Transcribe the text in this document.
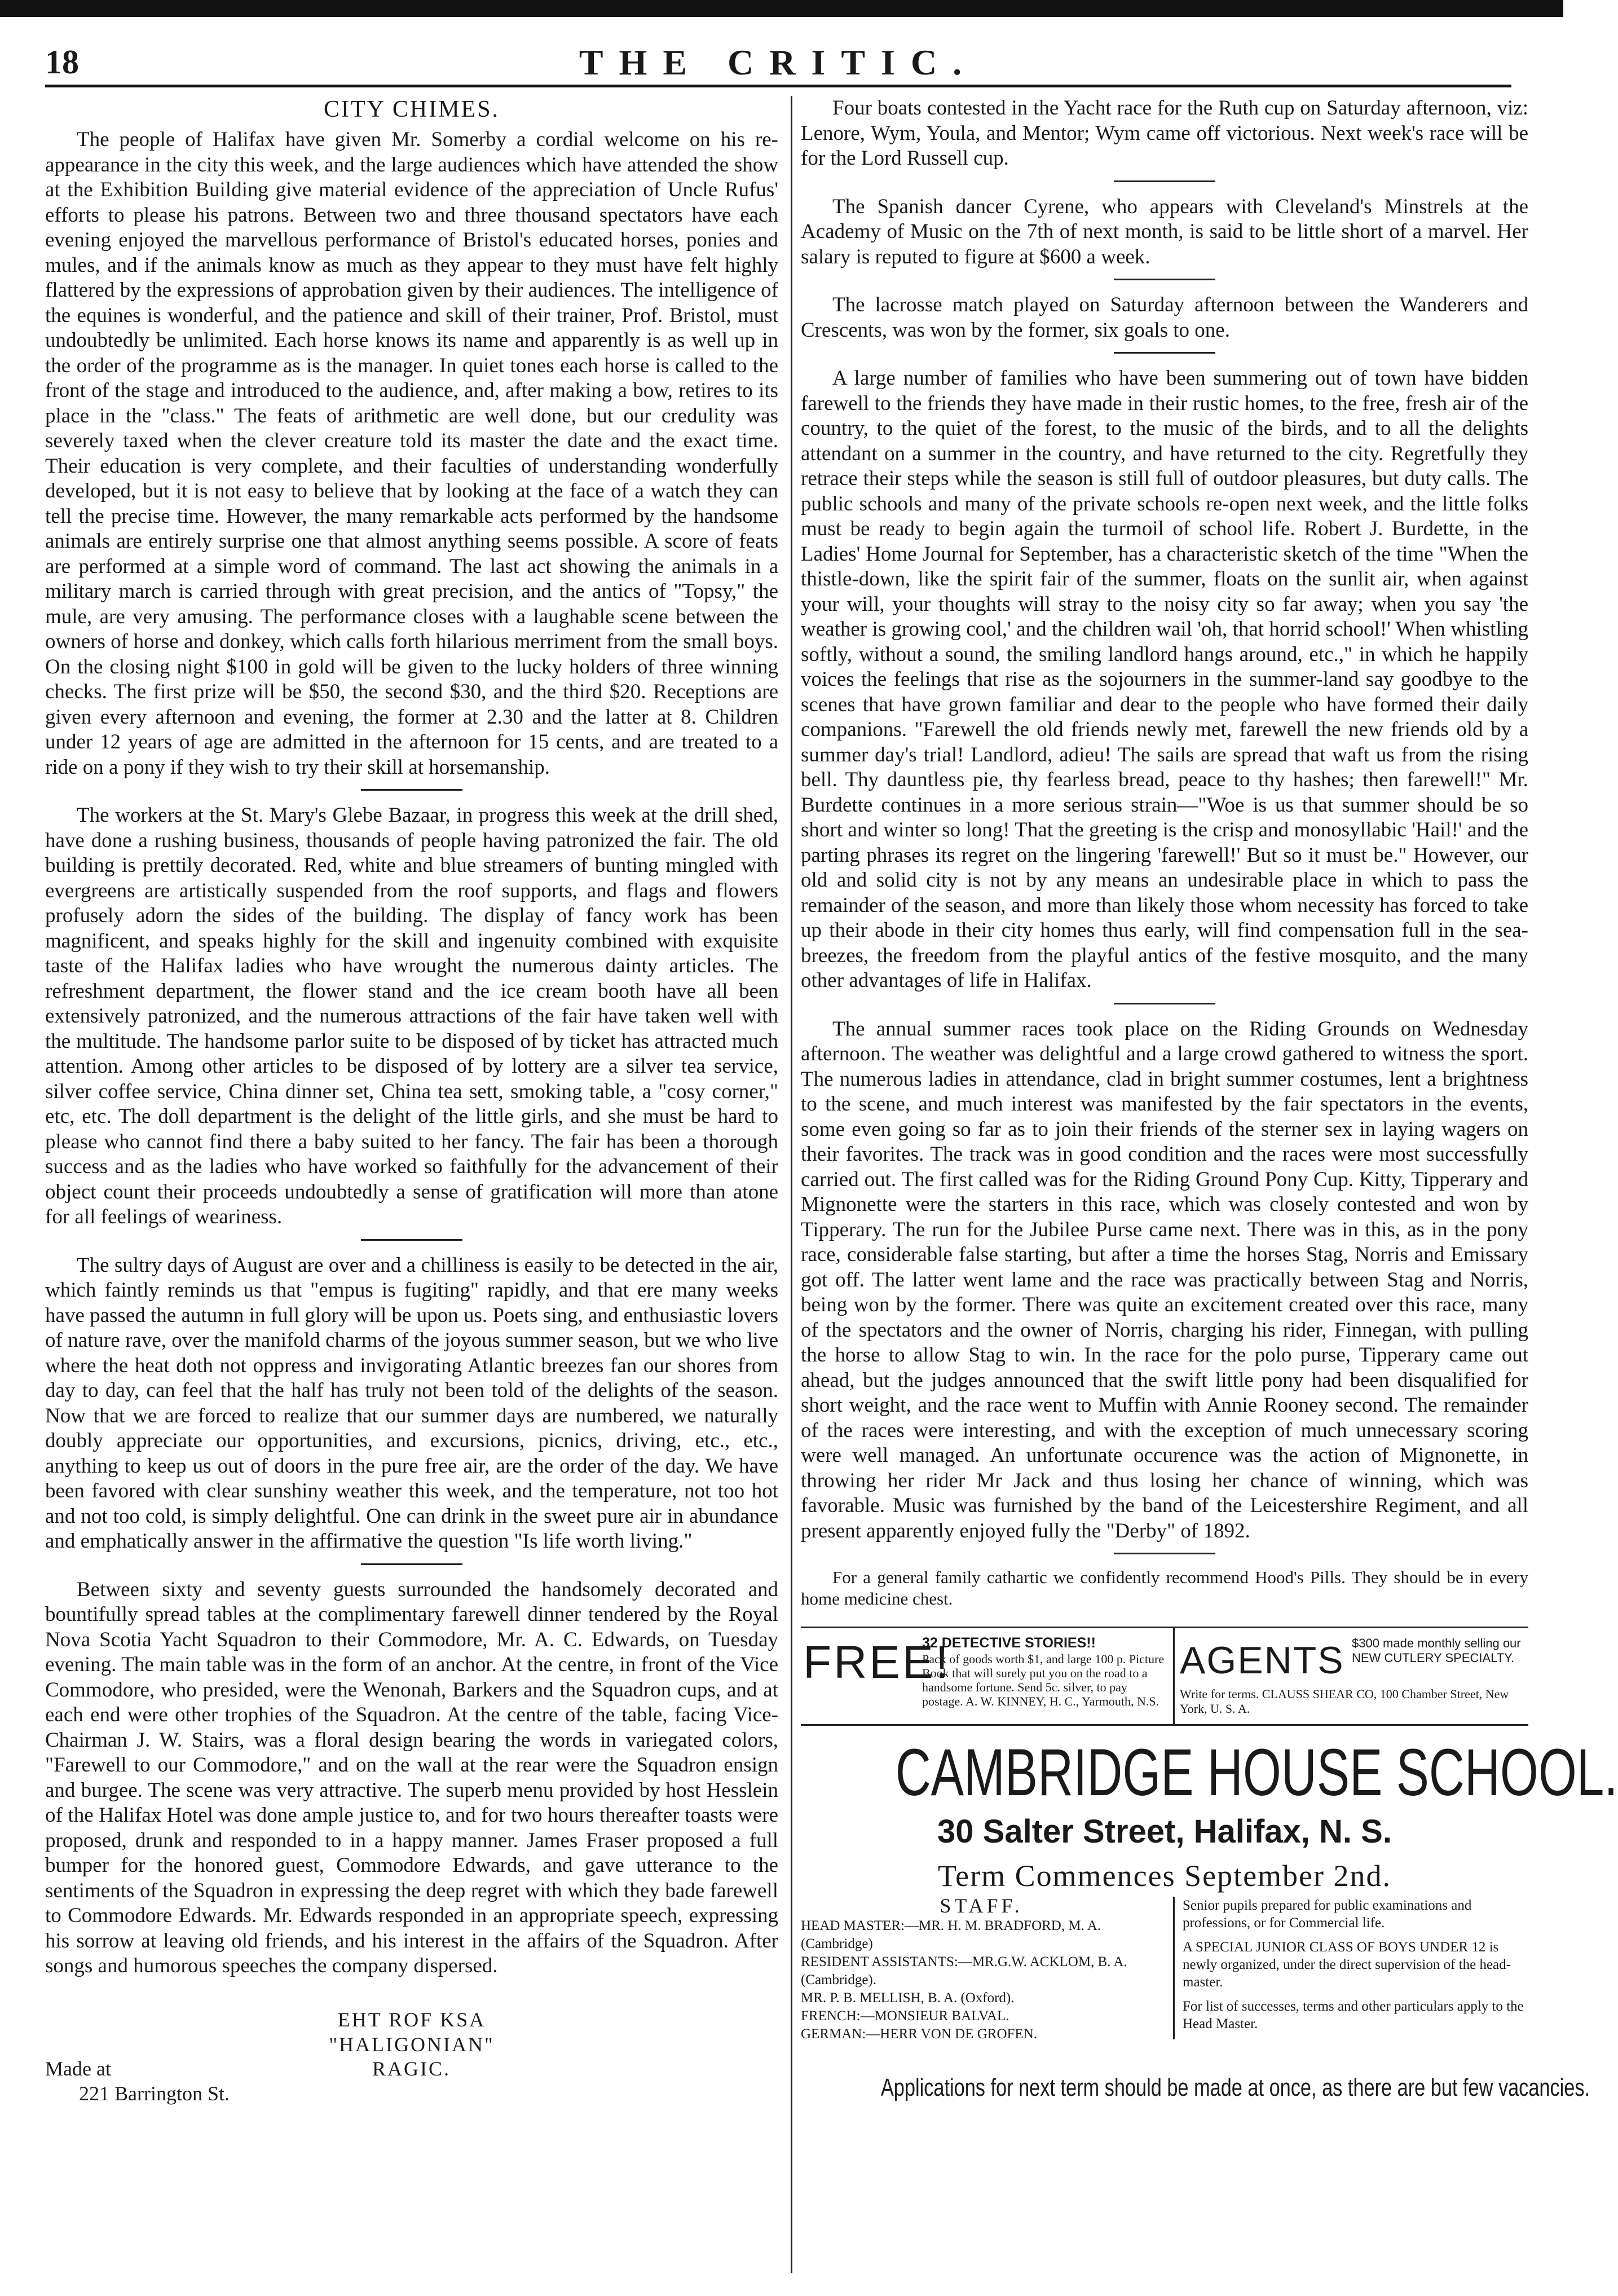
18	THE CRITIC.
CITY CHIMES.

The people of Halifax have given Mr. Somerby a cordial welcome on his re-appearance in the city this week, and the large audiences which have attended the show at the Exhibition Building give material evidence of the appreciation of Uncle Rufus' efforts to please his patrons. Between two and three thousand spectators have each evening enjoyed the marvellous performance of Bristol's educated horses, ponies and mules, and if the animals know as much as they appear to they must have felt highly flattered by the expressions of approbation given by their audiences. The intelligence of the equines is wonderful, and the patience and skill of their trainer, Prof. Bristol, must undoubtedly be unlimited. Each horse knows its name and apparently is as well up in the order of the programme as is the manager. In quiet tones each horse is called to the front of the stage and introduced to the audience, and, after making a bow, retires to its place in the "class." The feats of arithmetic are well done, but our credulity was severely taxed when the clever creature told its master the date and the exact time. Their education is very complete, and their faculties of understanding wonderfully developed, but it is not easy to believe that by looking at the face of a watch they can tell the precise time. However, the many remarkable acts performed by the handsome animals are entirely surprise one that almost anything seems possible. A score of feats are performed at a simple word of command. The last act showing the animals in a military march is carried through with great precision, and the antics of "Topsy," the mule, are very amusing. The performance closes with a laughable scene between the owners of horse and donkey, which calls forth hilarious merriment from the small boys. On the closing night $100 in gold will be given to the lucky holders of three winning checks. The first prize will be $50, the second $30, and the third $20. Receptions are given every afternoon and evening, the former at 2.30 and the latter at 8. Children under 12 years of age are admitted in the afternoon for 15 cents, and are treated to a ride on a pony if they wish to try their skill at horsemanship.

The workers at the St. Mary's Glebe Bazaar, in progress this week at the drill shed, have done a rushing business, thousands of people having patronized the fair. The old building is prettily decorated. Red, white and blue streamers of bunting mingled with evergreens are artistically suspended from the roof supports, and flags and flowers profusely adorn the sides of the building. The display of fancy work has been magnificent, and speaks highly for the skill and ingenuity combined with exquisite taste of the Halifax ladies who have wrought the numerous dainty articles. The refreshment department, the flower stand and the ice cream booth have all been extensively patronized, and the numerous attractions of the fair have taken well with the multitude. The handsome parlor suite to be disposed of by ticket has attracted much attention. Among other articles to be disposed of by lottery are a silver tea service, silver coffee service, China dinner set, China tea sett, smoking table, a "cosy corner," etc, etc. The doll department is the delight of the little girls, and she must be hard to please who cannot find there a baby suited to her fancy. The fair has been a thorough success and as the ladies who have worked so faithfully for the advancement of their object count their proceeds undoubtedly a sense of gratification will more than atone for all feelings of weariness.

The sultry days of August are over and a chilliness is easily to be detected in the air, which faintly reminds us that "empus is fugiting" rapidly, and that ere many weeks have passed the autumn in full glory will be upon us. Poets sing, and enthusiastic lovers of nature rave, over the manifold charms of the joyous summer season, but we who live where the heat doth not oppress and invigorating Atlantic breezes fan our shores from day to day, can feel that the half has truly not been told of the delights of the season. Now that we are forced to realize that our summer days are numbered, we naturally doubly appreciate our opportunities, and excursions, picnics, driving, etc., etc., anything to keep us out of doors in the pure free air, are the order of the day. We have been favored with clear sunshiny weather this week, and the temperature, not too hot and not too cold, is simply delightful. One can drink in the sweet pure air in abundance and emphatically answer in the affirmative the question "Is life worth living."

Between sixty and seventy guests surrounded the handsomely decorated and bountifully spread tables at the complimentary farewell dinner tendered by the Royal Nova Scotia Yacht Squadron to their Commodore, Mr. A. C. Edwards, on Tuesday evening. The main table was in the form of an anchor. At the centre, in front of the Vice Commodore, who presided, were the Wenonah, Barkers and the Squadron cups, and at each end were other trophies of the Squadron. At the centre of the table, facing Vice-Chairman J. W. Stairs, was a floral design bearing the words in variegated colors, "Farewell to our Commodore," and on the wall at the rear were the Squadron ensign and burgee. The scene was very attractive. The superb menu provided by host Hesslein of the Halifax Hotel was done ample justice to, and for two hours thereafter toasts were proposed, drunk and responded to in a happy manner. James Fraser proposed a full bumper for the honored guest, Commodore Edwards, and gave utterance to the sentiments of the Squadron in expressing the deep regret with which they bade farewell to Commodore Edwards. Mr. Edwards responded in an appropriate speech, expressing his sorrow at leaving old friends, and his interest in the affairs of the Squadron. After songs and humorous speeches the company dispersed.

EHT ROF KSA
"HALIGONIAN"
Made at
221 Barrington St.
RAGIC.

Four boats contested in the Yacht race for the Ruth cup on Saturday afternoon, viz: Lenore, Wym, Youla, and Mentor; Wym came off victorious. Next week's race will be for the Lord Russell cup.

The Spanish dancer Cyrene, who appears with Cleveland's Minstrels at the Academy of Music on the 7th of next month, is said to be little short of a marvel. Her salary is reputed to figure at $600 a week.

The lacrosse match played on Saturday afternoon between the Wanderers and Crescents, was won by the former, six goals to one.

A large number of families who have been summering out of town have bidden farewell to the friends they have made in their rustic homes, to the free, fresh air of the country, to the quiet of the forest, to the music of the birds, and to all the delights attendant on a summer in the country, and have returned to the city. Regretfully they retrace their steps while the season is still full of outdoor pleasures, but duty calls. The public schools and many of the private schools re-open next week, and the little folks must be ready to begin again the turmoil of school life. Robert J. Burdette, in the Ladies' Home Journal for September, has a characteristic sketch of the time "When the thistle-down, like the spirit fair of the summer, floats on the sunlit air, when against your will, your thoughts will stray to the noisy city so far away; when you say 'the weather is growing cool,' and the children wail 'oh, that horrid school!' When whistling softly, without a sound, the smiling landlord hangs around, etc.," in which he happily voices the feelings that rise as the sojourners in the summer-land say goodbye to the scenes that have grown familiar and dear to the people who have formed their daily companions. "Farewell the old friends newly met, farewell the new friends old by a summer day's trial! Landlord, adieu! The sails are spread that waft us from the rising bell. Thy dauntless pie, thy fearless bread, peace to thy hashes; then farewell!" Mr. Burdette continues in a more serious strain—"Woe is us that summer should be so short and winter so long! That the greeting is the crisp and monosyllabic 'Hail!' and the parting phrases its regret on the lingering 'farewell!' But so it must be." However, our old and solid city is not by any means an undesirable place in which to pass the remainder of the season, and more than likely those whom necessity has forced to take up their abode in their city homes thus early, will find compensation full in the sea-breezes, the freedom from the playful antics of the festive mosquito, and the many other advantages of life in Halifax.

The annual summer races took place on the Riding Grounds on Wednesday afternoon. The weather was delightful and a large crowd gathered to witness the sport. The numerous ladies in attendance, clad in bright summer costumes, lent a brightness to the scene, and much interest was manifested by the fair spectators in the events, some even going so far as to join their friends of the sterner sex in laying wagers on their favorites. The track was in good condition and the races were most successfully carried out. The first called was for the Riding Ground Pony Cup. Kitty, Tipperary and Mignonette were the starters in this race, which was closely contested and won by Tipperary. The run for the Jubilee Purse came next. There was in this, as in the pony race, considerable false starting, but after a time the horses Stag, Norris and Emissary got off. The latter went lame and the race was practically between Stag and Norris, being won by the former. There was quite an excitement created over this race, many of the spectators and the owner of Norris, charging his rider, Finnegan, with pulling the horse to allow Stag to win. In the race for the polo purse, Tipperary came out ahead, but the judges announced that the swift little pony had been disqualified for short weight, and the race went to Muffin with Annie Rooney second. The remainder of the races were interesting, and with the exception of much unnecessary scoring were well managed. An unfortunate occurence was the action of Mignonette, in throwing her rider Mr Jack and thus losing her chance of winning, which was favorable. Music was furnished by the band of the Leicestershire Regiment, and all present apparently enjoyed fully the "Derby" of 1892.

For a general family cathartic we confidently recommend Hood's Pills. They should be in every home medicine chest.

FREE!
32 DETECTIVE STORIES!!
Pack of goods worth $1, and large 100 p. Picture Book that will surely put you on the road to a handsome fortune. Send 5c. silver, to pay postage. A. W. KINNEY, H. C., Yarmouth, N.S.
AGENTS $300 made monthly selling our NEW CUTLERY SPECIALTY.
Write for terms. CLAUSS SHEAR CO, 100 Chamber Street, New York, U. S. A.
CAMBRIDGE HOUSE SCHOOL.
30 Salter Street, Halifax, N. S.
Term Commences September 2nd.
STAFF.
HEAD MASTER:—MR. H. M. BRADFORD, M. A. (Cambridge)
RESIDENT ASSISTANTS:—MR.G.W. ACKLOM, B. A. (Cambridge).
MR. P. B. MELLISH, B. A. (Oxford).
FRENCH:—MONSIEUR BALVAL.
GERMAN:—HERR VON DE GROFEN.

Senior pupils prepared for public examinations and professions, or for Commercial life.

A SPECIAL JUNIOR CLASS OF BOYS UNDER 12 is newly organized, under the direct supervision of the head-master.

For list of successes, terms and other particulars apply to the Head Master.

Applications for next term should be made at once, as there are but few vacancies.
